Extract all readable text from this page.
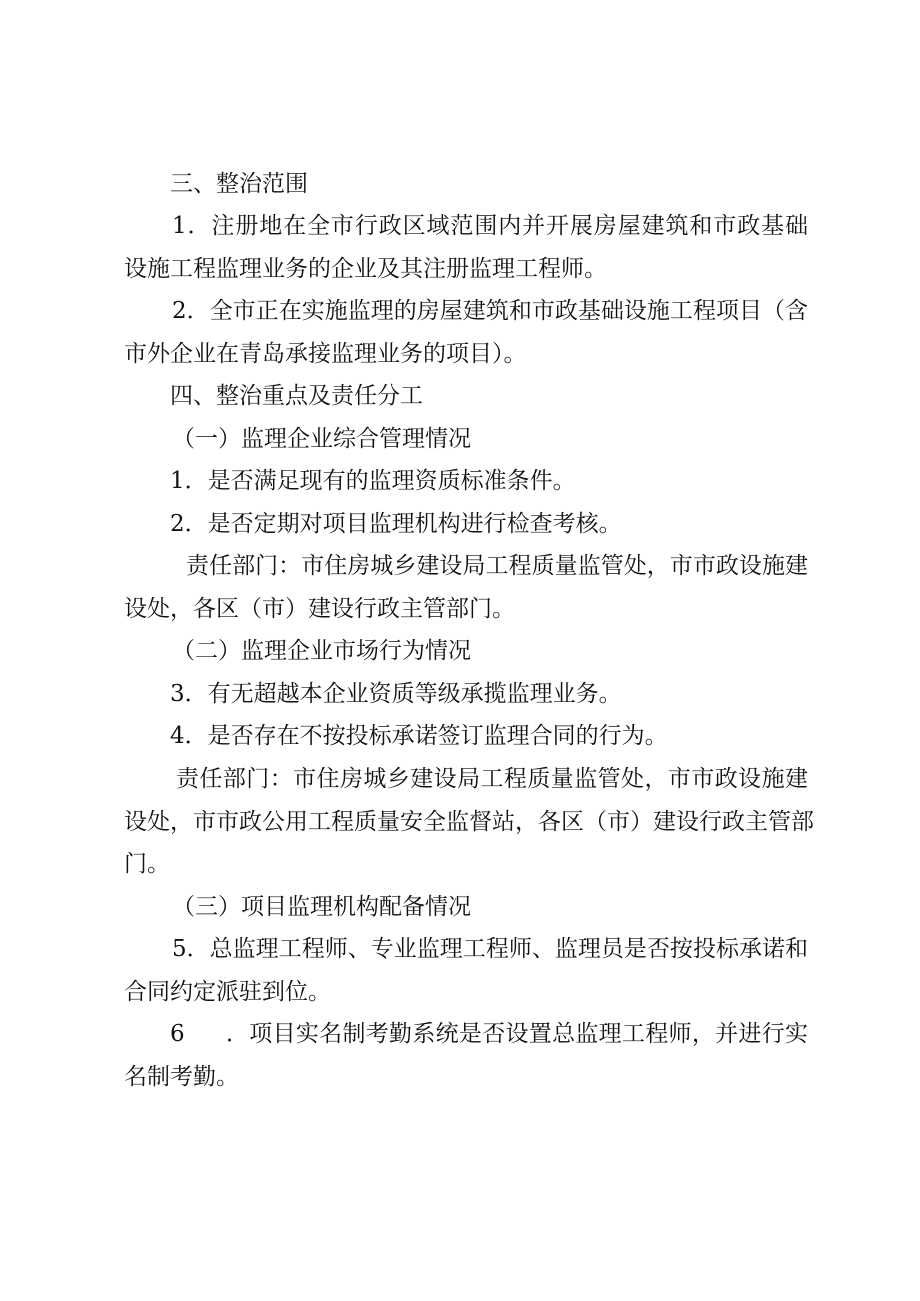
三、整治范围
1．注册地在全市行政区域范围内并开展房屋建筑和市政基础
设施工程监理业务的企业及其注册监理工程师。
2．全市正在实施监理的房屋建筑和市政基础设施工程项目（含
市外企业在青岛承接监理业务的项目）。
四、整治重点及责任分工
（一）监理企业综合管理情况
1．是否满足现有的监理资质标准条件。
2．是否定期对项目监理机构进行检查考核。
责任部门：市住房城乡建设局工程质量监管处，市市政设施建
设处，各区（市）建设行政主管部门。
（二）监理企业市场行为情况
3．有无超越本企业资质等级承揽监理业务。
4．是否存在不按投标承诺签订监理合同的行为。
责任部门：市住房城乡建设局工程质量监管处，市市政设施建
设处，市市政公用工程质量安全监督站，各区（市）建设行政主管部
门。
（三）项目监理机构配备情况
5．总监理工程师、专业监理工程师、监理员是否按投标承诺和
合同约定派驻到位。
6 ．项目实名制考勤系统是否设置总监理工程师，并进行实
名制考勤。
